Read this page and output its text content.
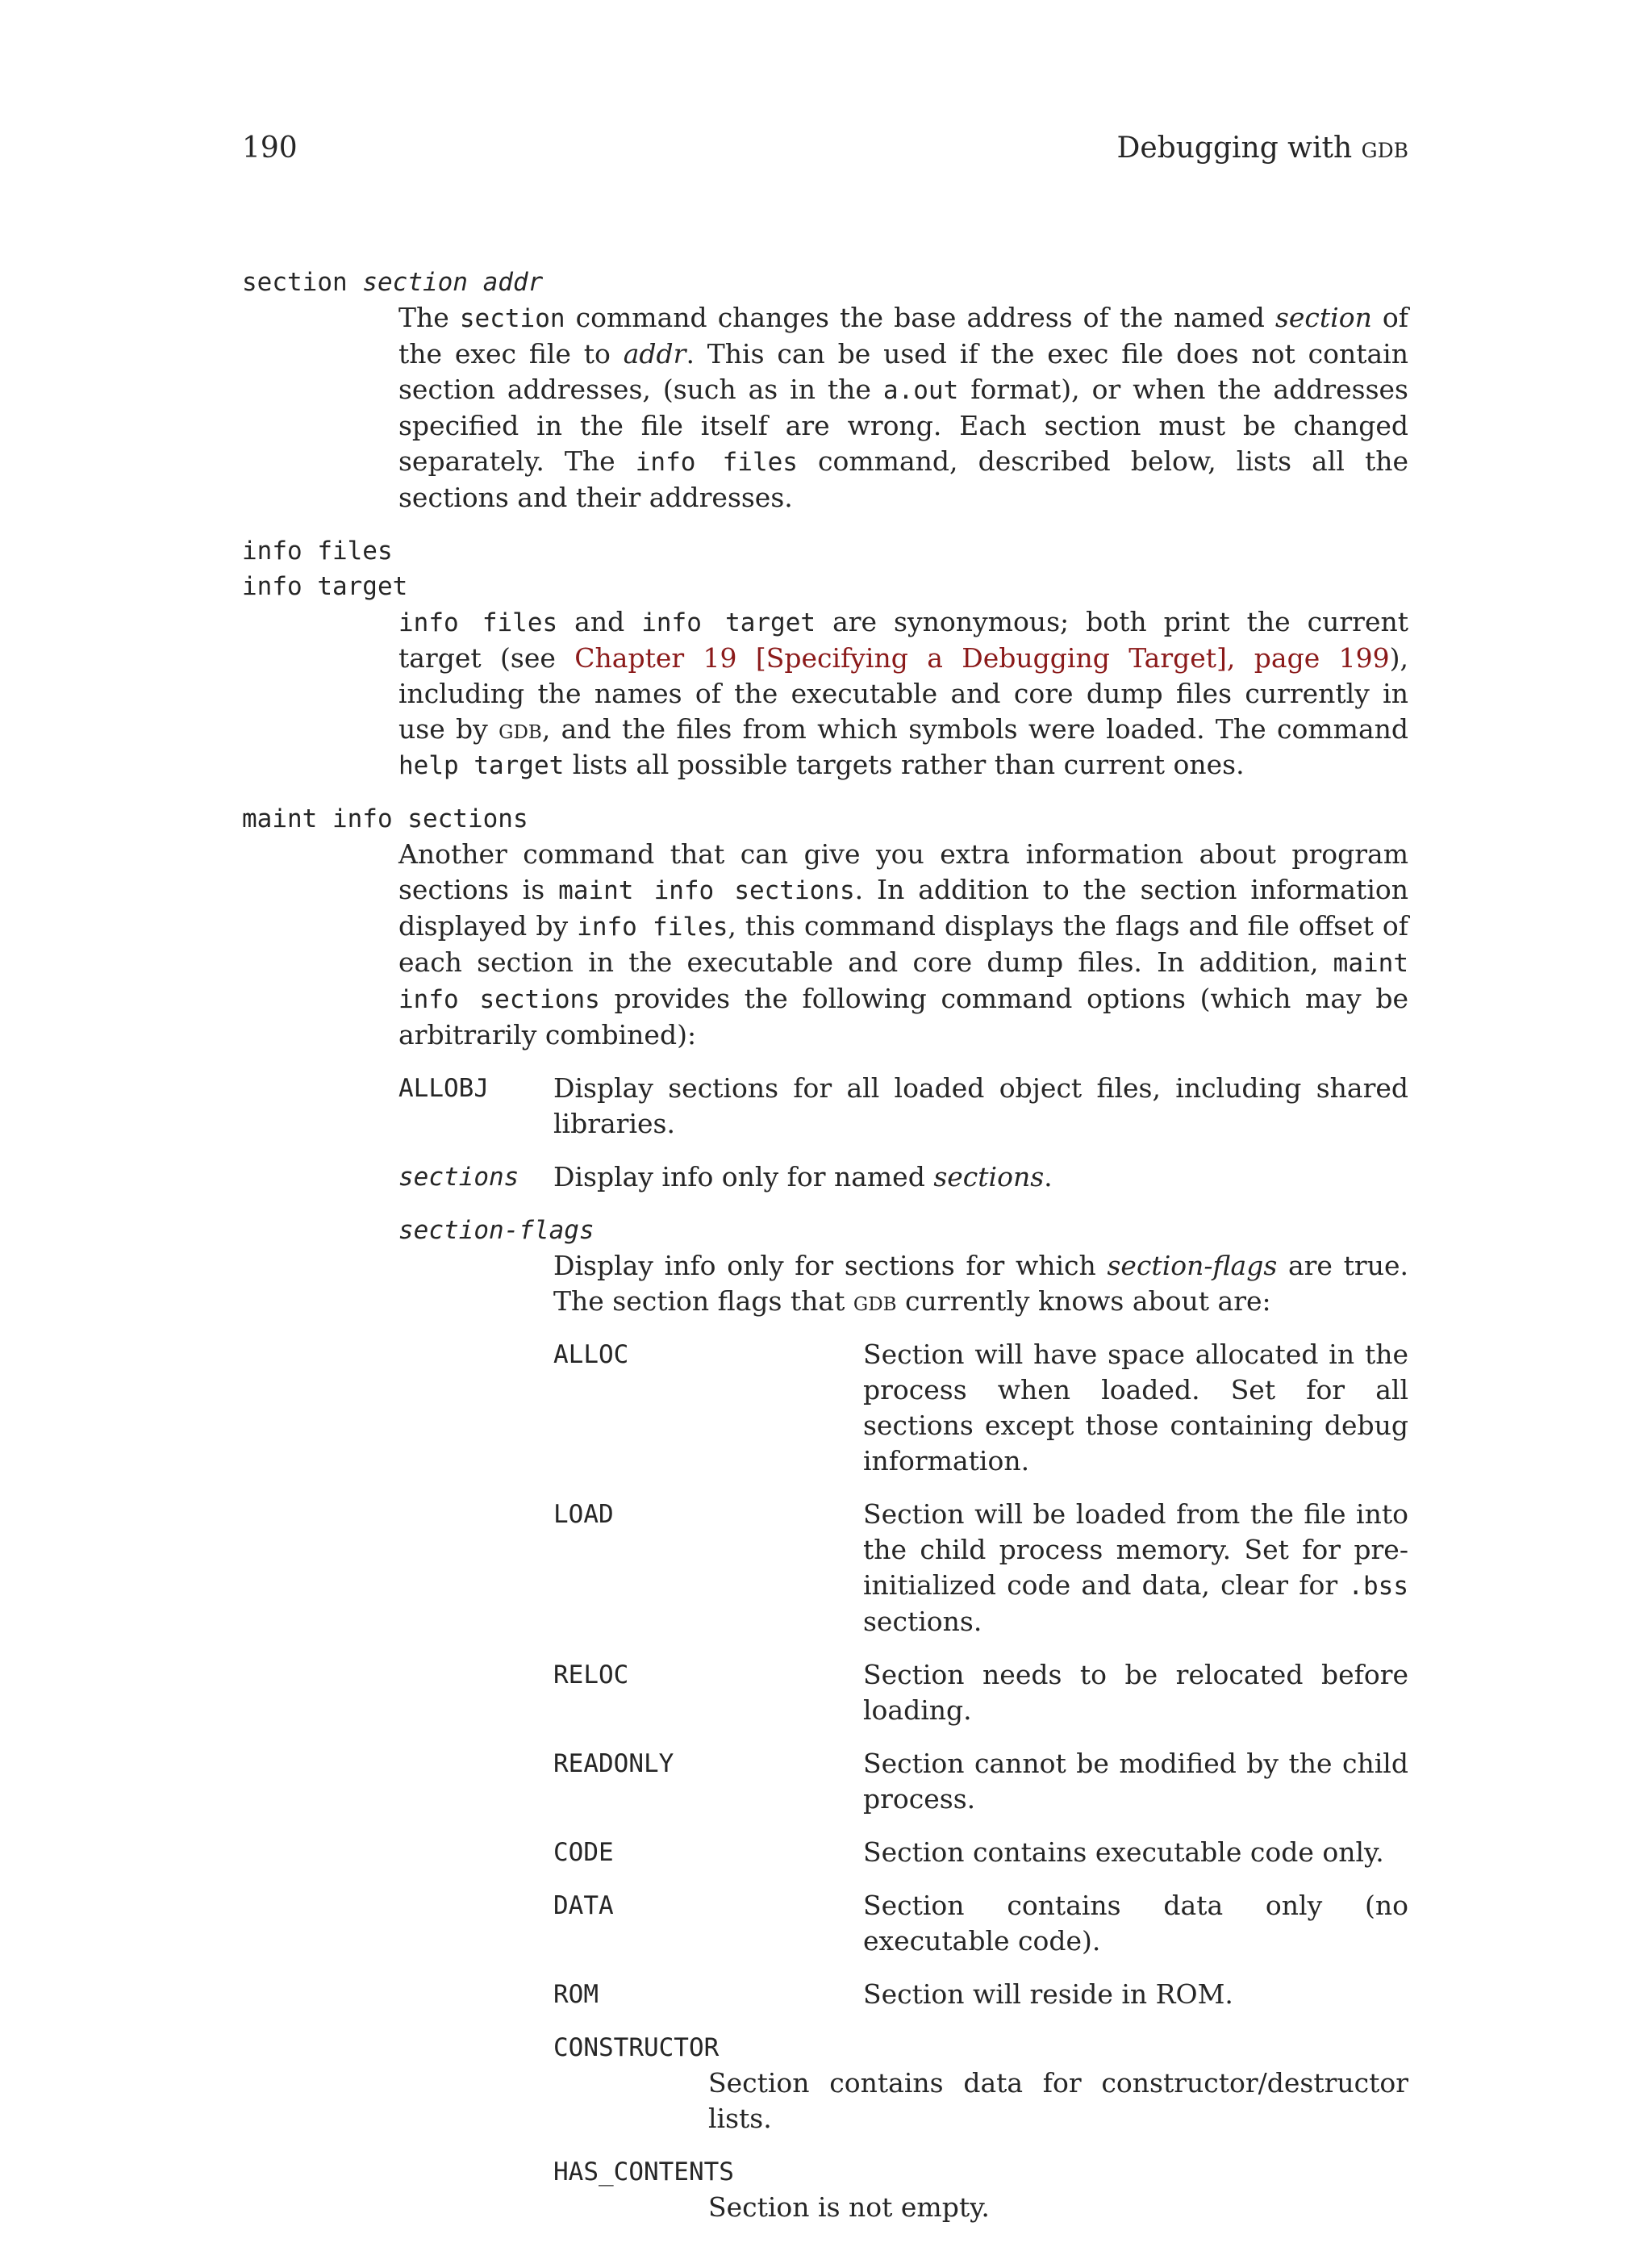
190	Debugging with gdb
section section addr
The section command changes the base address of the named section of the exec file to addr. This can be used if the exec file does not contain section addresses, (such as in the a.out format), or when the addresses specified in the file itself are wrong. Each section must be changed separately. The info files command, described below, lists all the sections and their addresses.
info files
info target
info files and info target are synonymous; both print the current target (see Chapter 19 [Specifying a Debugging Target], page 199), including the names of the executable and core dump files currently in use by gdb, and the files from which symbols were loaded. The command help target lists all possible targets rather than current ones.
maint info sections
Another command that can give you extra information about program sections is maint info sections. In addition to the section information displayed by info files, this command displays the flags and file offset of each section in the executable and core dump files. In addition, maint info sections provides the following command options (which may be arbitrarily combined):
ALLOBJ	Display sections for all loaded object files, including shared libraries.
sections	Display info only for named sections.
section-flags
Display info only for sections for which section-flags are true. The section flags that gdb currently knows about are:
ALLOC	Section will have space allocated in the process when loaded. Set for all sections except those containing debug information.
LOAD	Section will be loaded from the file into the child process memory. Set for pre-initialized code and data, clear for .bss sections.
RELOC	Section needs to be relocated before loading.
READONLY	Section cannot be modified by the child process.
CODE	Section contains executable code only.
DATA	Section contains data only (no executable code).
ROM	Section will reside in ROM.
CONSTRUCTOR
Section contains data for constructor/destructor lists.
HAS_CONTENTS
Section is not empty.
